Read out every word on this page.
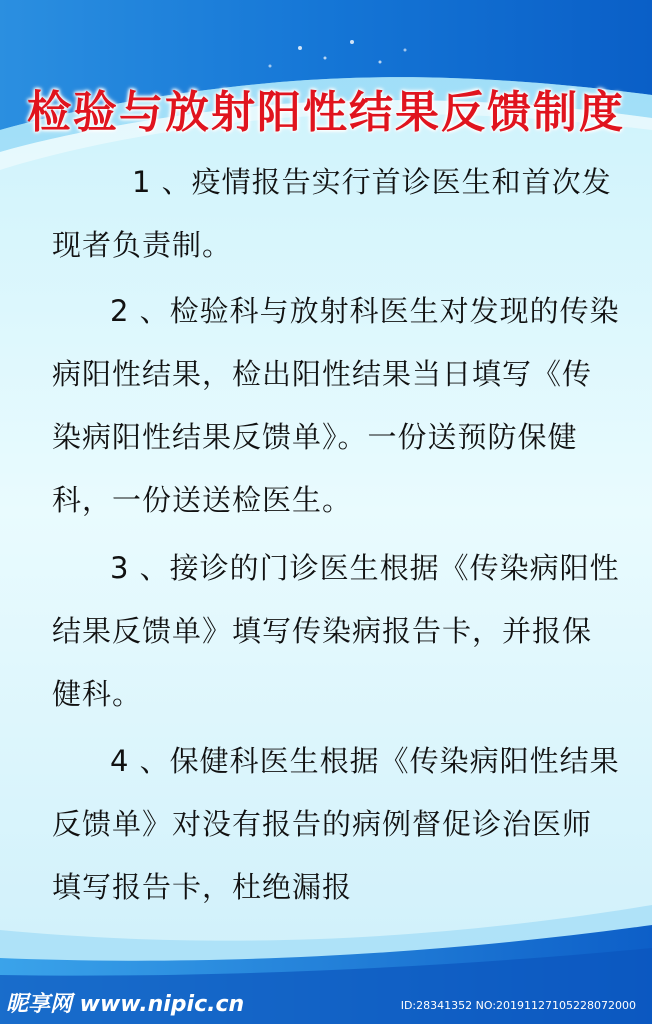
检验与放射阳性结果反馈制度
1 、疫情报告实行首诊医生和首次发
现者负责制。
2 、检验科与放射科医生对发现的传染
病阳性结果，检出阳性结果当日填写《传
染病阳性结果反馈单》。一份送预防保健
科，一份送送检医生。
3 、接诊的门诊医生根据《传染病阳性
结果反馈单》填写传染病报告卡，并报保
健科。
4 、保健科医生根据《传染病阳性结果
反馈单》对没有报告的病例督促诊治医师
填写报告卡，杜绝漏报
昵享网 www.nipic.cn	ID:28341352 NO:20191127105228072000
